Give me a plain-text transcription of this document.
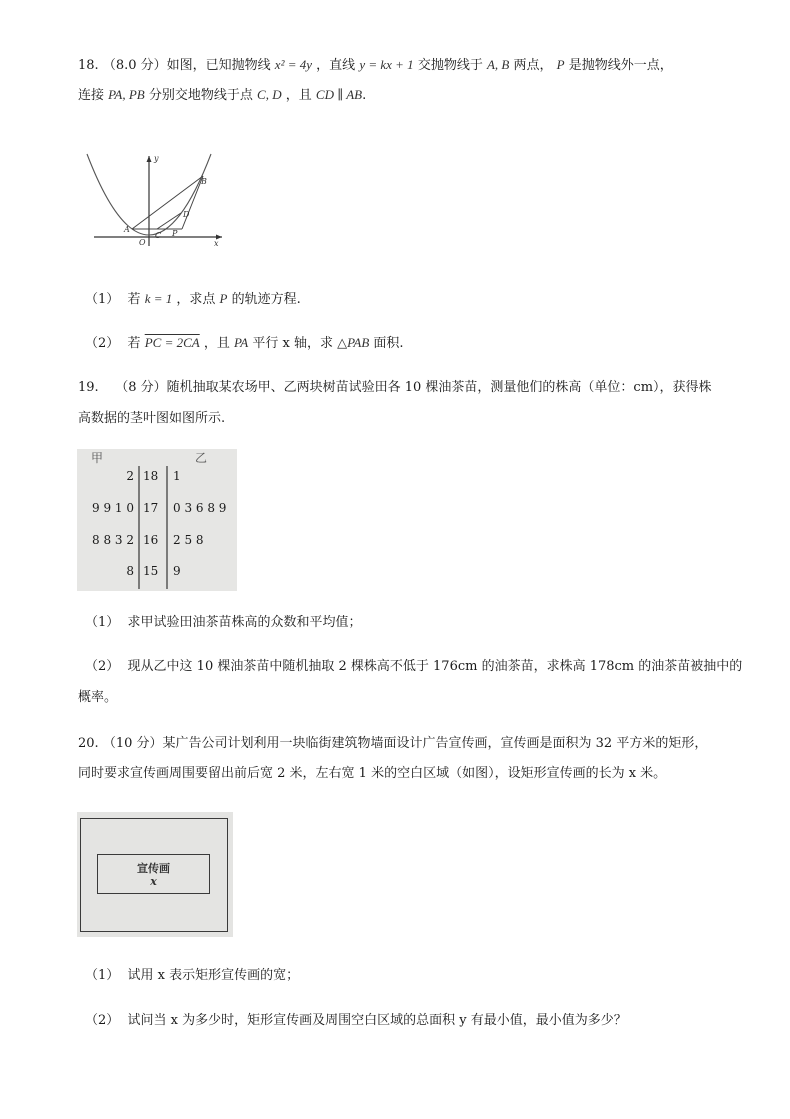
18. （8.0 分）如图，已知抛物线 x² = 4y ，直线 y = kx + 1 交抛物线于 A, B 两点， P 是抛物线外一点，
连接 PA, PB 分别交地物线于点 C, D ，且 CD ∥ AB.
y
x
O
A
B
C
D
P
（1） 若 k = 1 ，求点 P 的轨迹方程.
（2） 若 PC = 2CA ，且 PA 平行 x 轴，求 △PAB 面积.
19. （8 分）随机抽取某农场甲、乙两块树苗试验田各 10 棵油茶苗，测量他们的株高（单位：cm），获得株
高数据的茎叶图如图所示.
甲	乙
2 18 1
9 9 1 0 17 0 3 6 8 9
8 8 3 2 16 2 5 8
8 15 9
（1） 求甲试验田油茶苗株高的众数和平均值；
（2） 现从乙中这 10 棵油茶苗中随机抽取 2 棵株高不低于 176cm 的油茶苗，求株高 178cm 的油茶苗被抽中的
概率。
20. （10 分）某广告公司计划利用一块临街建筑物墙面设计广告宣传画，宣传画是面积为 32 平方米的矩形，
同时要求宣传画周围要留出前后宽 2 米，左右宽 1 米的空白区域（如图），设矩形宣传画的长为 x 米。
宣传画
x
（1） 试用 x 表示矩形宣传画的宽；
（2） 试问当 x 为多少时，矩形宣传画及周围空白区域的总面积 y 有最小值，最小值为多少？
